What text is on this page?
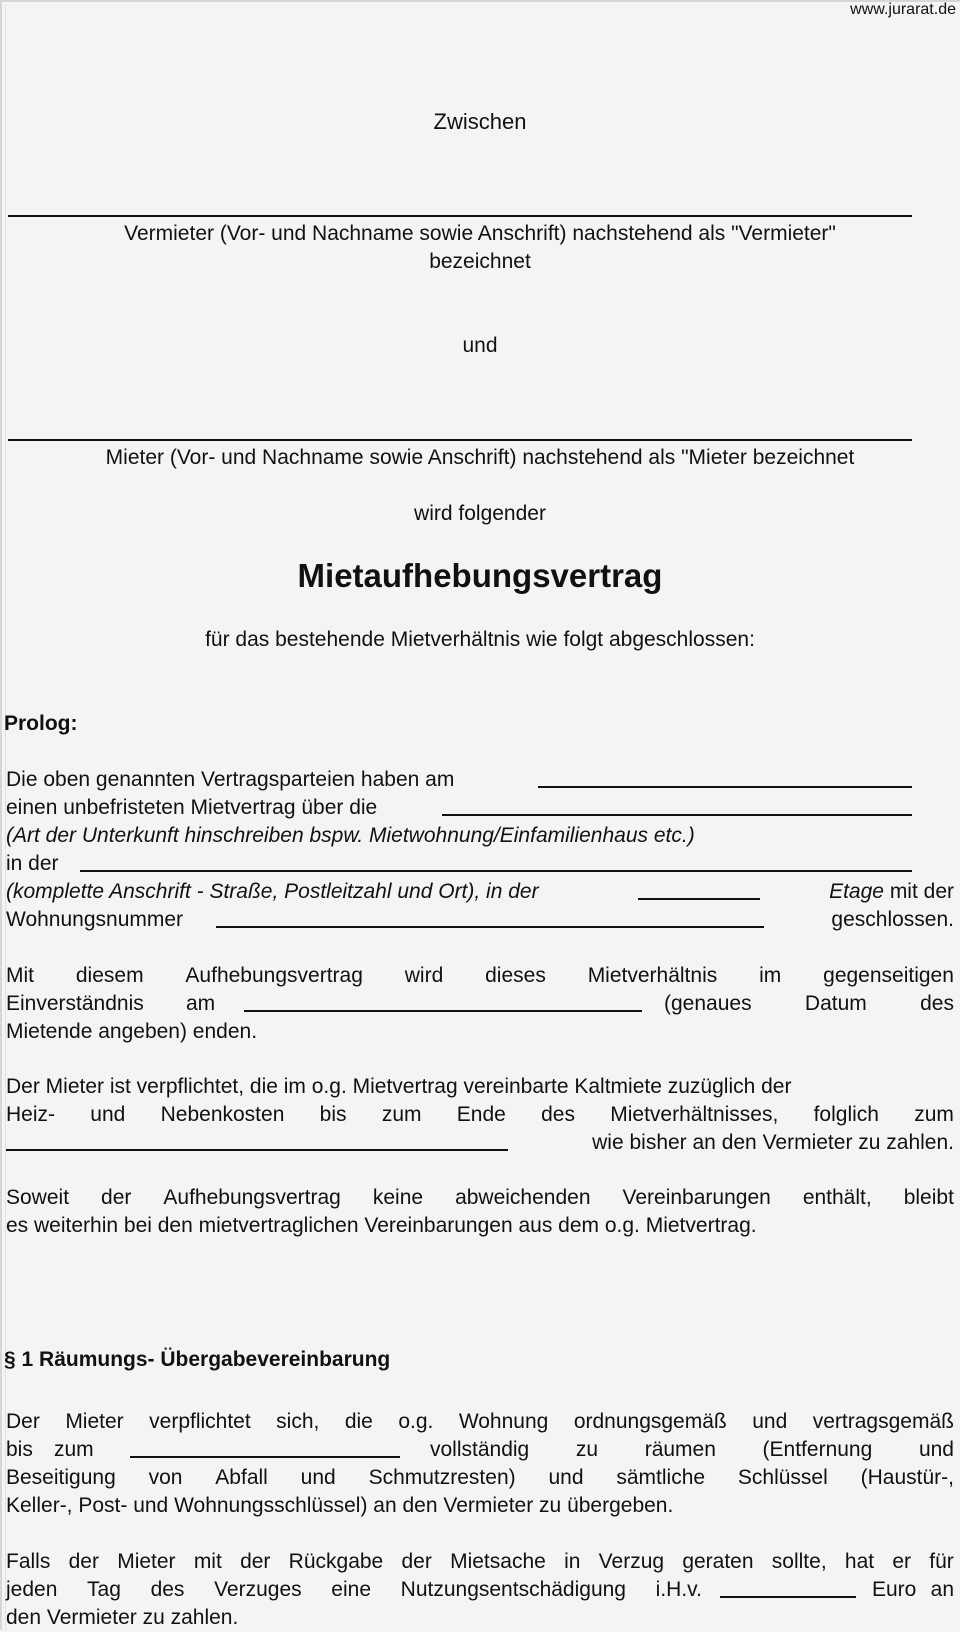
www.jurarat.de
Zwischen
Vermieter (Vor- und Nachname sowie Anschrift) nachstehend als "Vermieter"
bezeichnet
und
Mieter (Vor- und Nachname sowie Anschrift) nachstehend als "Mieter bezeichnet
wird folgender
Mietaufhebungsvertrag
für das bestehende Mietverhältnis wie folgt abgeschlossen:
Prolog:
Die oben genannten Vertragsparteien haben am
einen unbefristeten Mietvertrag über die
(Art der Unterkunft hinschreiben bspw. Mietwohnung/Einfamilienhaus etc.)
in der
(komplette Anschrift - Straße, Postleitzahl und Ort), in der	Etage mit der
Wohnungsnummer	geschlossen.
Mit diesem Aufhebungsvertrag wird dieses Mietverhältnis im gegenseitigen
Einverständnis am	(genaues	Datum	des
Mietende angeben) enden.
Der Mieter ist verpflichtet, die im o.g. Mietvertrag vereinbarte Kaltmiete zuzüglich der
Heiz- und Nebenkosten bis zum Ende des Mietverhältnisses, folglich zum
wie bisher an den Vermieter zu zahlen.
Soweit der Aufhebungsvertrag keine abweichenden Vereinbarungen enthält, bleibt
es weiterhin bei den mietvertraglichen Vereinbarungen aus dem o.g. Mietvertrag.
§ 1 Räumungs- Übergabevereinbarung
Der Mieter verpflichtet sich, die o.g. Wohnung ordnungsgemäß und vertragsgemäß
bis zum	vollständig zu räumen (Entfernung und
Beseitigung von Abfall und Schmutzresten) und sämtliche Schlüssel (Haustür-,
Keller-, Post- und Wohnungsschlüssel) an den Vermieter zu übergeben.
Falls der Mieter mit der Rückgabe der Mietsache in Verzug geraten sollte, hat er für
jeden Tag des Verzuges eine Nutzungsentschädigung i.H.v.	Euro an
den Vermieter zu zahlen.
